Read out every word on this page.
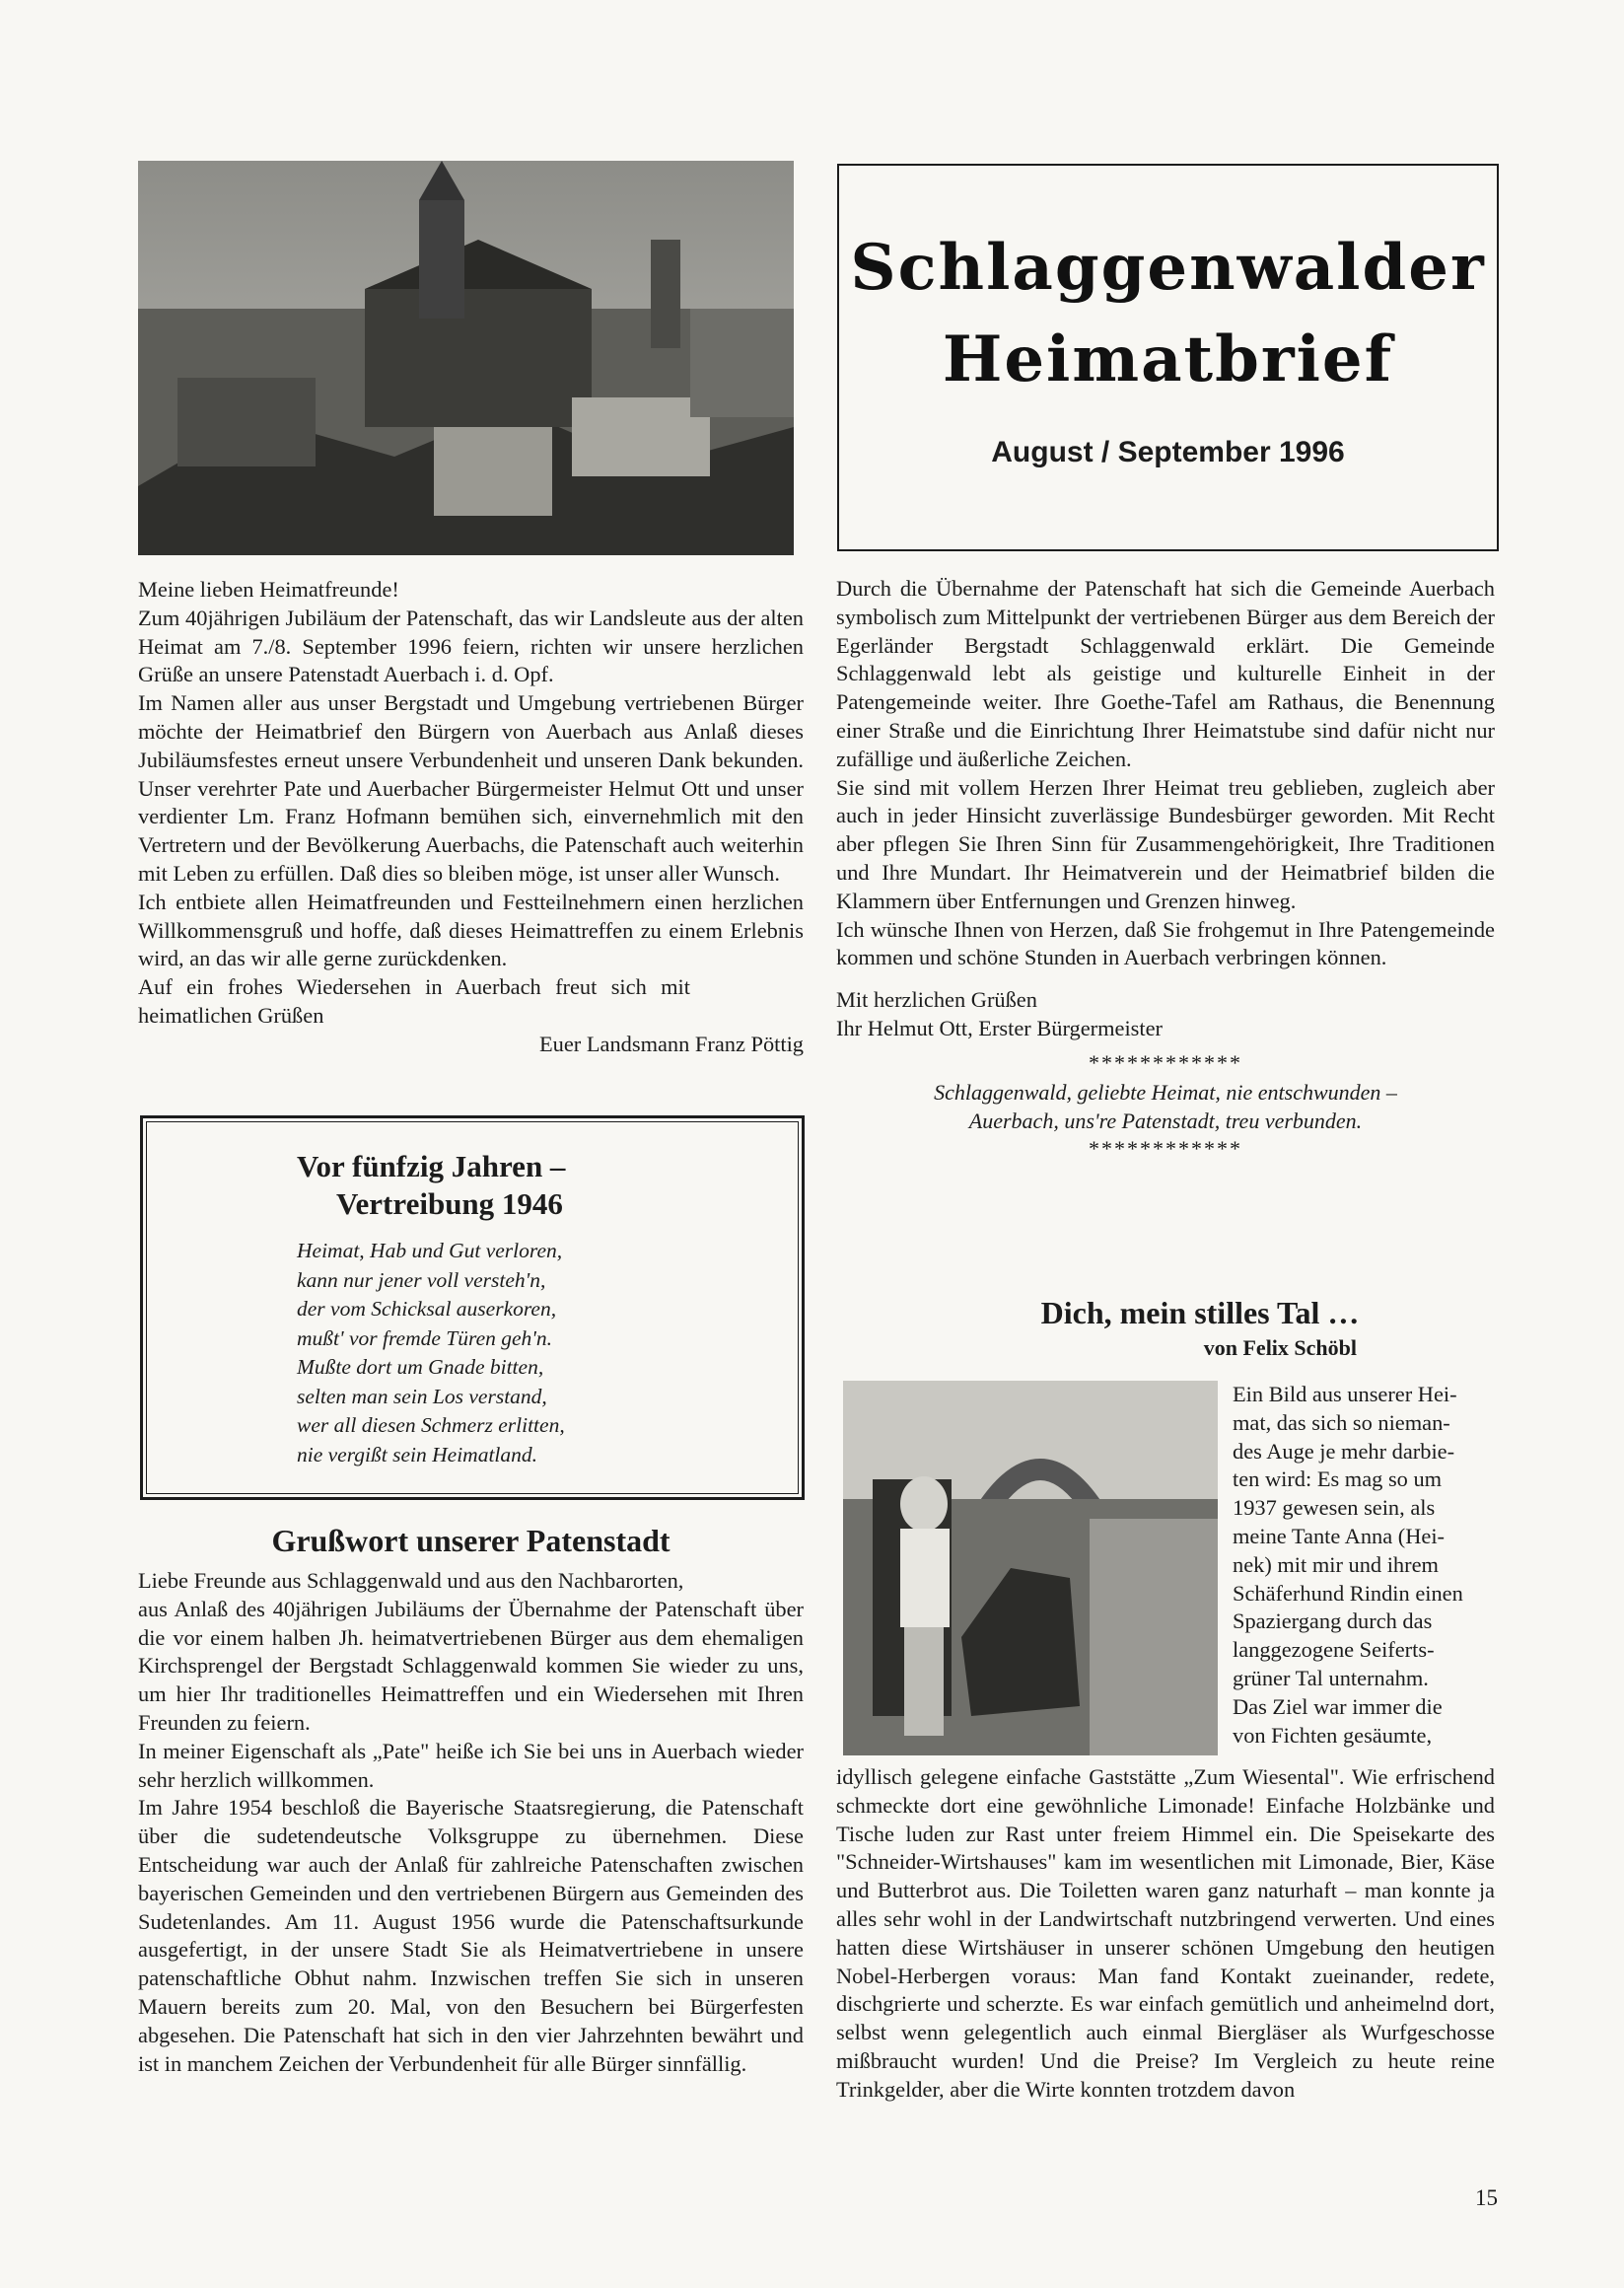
Schlaggenwalder
Heimatbrief
August / September 1996

Meine lieben Heimatfreunde!

Zum 40jährigen Jubiläum der Patenschaft, das wir Landsleute aus der alten Heimat am 7./8. September 1996 feiern, richten wir unsere herzlichen Grüße an unsere Patenstadt Auerbach i. d. Opf.

Im Namen aller aus unser Bergstadt und Umgebung vertriebenen Bürger möchte der Heimatbrief den Bürgern von Auerbach aus Anlaß dieses Jubiläumsfestes erneut unsere Verbundenheit und unseren Dank bekunden. Unser verehrter Pate und Auerbacher Bürgermeister Helmut Ott und unser verdienter Lm. Franz Hofmann bemühen sich, einvernehmlich mit den Vertretern und der Bevölkerung Auerbachs, die Patenschaft auch weiterhin mit Leben zu erfüllen. Daß dies so bleiben möge, ist unser aller Wunsch.

Ich entbiete allen Heimatfreunden und Festteilnehmern einen herzlichen Willkommensgruß und hoffe, daß dieses Heimattreffen zu einem Erlebnis wird, an das wir alle gerne zurückdenken.

Auf ein frohes Wiedersehen in Auerbach freut sich mit heimatlichen Grüßen
Euer Landsmann Franz Pöttig
Vor fünfzig Jahren –
Vertreibung 1946
Heimat, Hab und Gut verloren,
kann nur jener voll versteh'n,
der vom Schicksal auserkoren,
mußt' vor fremde Türen geh'n.
Mußte dort um Gnade bitten,
selten man sein Los verstand,
wer all diesen Schmerz erlitten,
nie vergißt sein Heimatland.
Grußwort unserer Patenstadt

Liebe Freunde aus Schlaggenwald und aus den Nachbarorten,

aus Anlaß des 40jährigen Jubiläums der Übernahme der Patenschaft über die vor einem halben Jh. heimatvertriebenen Bürger aus dem ehemaligen Kirchsprengel der Bergstadt Schlaggenwald kommen Sie wieder zu uns, um hier Ihr traditionelles Heimattreffen und ein Wiedersehen mit Ihren Freunden zu feiern.

In meiner Eigenschaft als „Pate" heiße ich Sie bei uns in Auerbach wieder sehr herzlich willkommen.

Im Jahre 1954 beschloß die Bayerische Staatsregierung, die Patenschaft über die sudetendeutsche Volksgruppe zu übernehmen. Diese Entscheidung war auch der Anlaß für zahlreiche Patenschaften zwischen bayerischen Gemeinden und den vertriebenen Bürgern aus Gemeinden des Sudetenlandes. Am 11. August 1956 wurde die Patenschaftsurkunde ausgefertigt, in der unsere Stadt Sie als Heimatvertriebene in unsere patenschaftliche Obhut nahm. Inzwischen treffen Sie sich in unseren Mauern bereits zum 20. Mal, von den Besuchern bei Bürgerfesten abgesehen. Die Patenschaft hat sich in den vier Jahrzehnten bewährt und ist in manchem Zeichen der Verbundenheit für alle Bürger sinnfällig.

Durch die Übernahme der Patenschaft hat sich die Gemeinde Auerbach symbolisch zum Mittelpunkt der vertriebenen Bürger aus dem Bereich der Egerländer Bergstadt Schlaggenwald erklärt. Die Gemeinde Schlaggenwald lebt als geistige und kulturelle Einheit in der Patengemeinde weiter. Ihre Goethe-Tafel am Rathaus, die Benennung einer Straße und die Einrichtung Ihrer Heimatstube sind dafür nicht nur zufällige und äußerliche Zeichen.

Sie sind mit vollem Herzen Ihrer Heimat treu geblieben, zugleich aber auch in jeder Hinsicht zuverlässige Bundesbürger geworden. Mit Recht aber pflegen Sie Ihren Sinn für Zusammengehörigkeit, Ihre Traditionen und Ihre Mundart. Ihr Heimatverein und der Heimatbrief bilden die Klammern über Entfernungen und Grenzen hinweg.

Ich wünsche Ihnen von Herzen, daß Sie frohgemut in Ihre Patengemeinde kommen und schöne Stunden in Auerbach verbringen können.

Mit herzlichen Grüßen

Ihr Helmut Ott, Erster Bürgermeister

************
Schlaggenwald, geliebte Heimat, nie entschwunden –
Auerbach, uns're Patenstadt, treu verbunden.
************
Dich, mein stilles Tal …
von Felix Schöbl
Ein Bild aus unserer Hei-
mat, das sich so nieman-
des Auge je mehr darbie-
ten wird: Es mag so um
1937 gewesen sein, als
meine Tante Anna (Hei-
nek) mit mir und ihrem
Schäferhund Rindin einen
Spaziergang durch das
langgezogene Seiferts-
grüner Tal unternahm.
Das Ziel war immer die
von Fichten gesäumte,

idyllisch gelegene einfache Gaststätte „Zum Wiesental". Wie erfrischend schmeckte dort eine gewöhnliche Limonade! Einfache Holzbänke und Tische luden zur Rast unter freiem Himmel ein. Die Speisekarte des "Schneider-Wirtshauses" kam im wesentlichen mit Limonade, Bier, Käse und Butterbrot aus. Die Toiletten waren ganz naturhaft – man konnte ja alles sehr wohl in der Landwirtschaft nutzbringend verwerten. Und eines hatten diese Wirtshäuser in unserer schönen Umgebung den heutigen Nobel-Herbergen voraus: Man fand Kontakt zueinander, redete, dischgrierte und scherzte. Es war einfach gemütlich und anheimelnd dort, selbst wenn gelegentlich auch einmal Biergläser als Wurfgeschosse mißbraucht wurden! Und die Preise? Im Vergleich zu heute reine Trinkgelder, aber die Wirte konnten trotzdem davon

15
